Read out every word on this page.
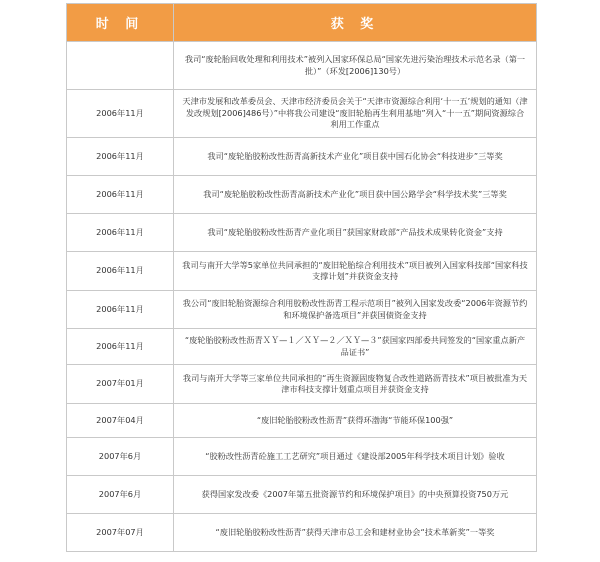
时 间	获 奖
	我司“废轮胎回收处理和利用技术”被列入国家环保总局“国家先进污染治理技术示范名录（第一批）”（环发[2006]130号）
2006年11月	天津市发展和改革委员会、天津市经济委员会关于“天津市资源综合利用‘十一五’规划的通知（津发改规划[2006]486号）”中将我公司建设“废旧轮胎再生利用基地”列入“十一五”期间资源综合利用工作重点
2006年11月	我司“废轮胎胶粉改性沥青高新技术产业化”项目获中国石化协会“科技进步”三等奖
2006年11月	我司“废轮胎胶粉改性沥青高新技术产业化”项目获中国公路学会“科学技术奖”三等奖
2006年11月	我司“废轮胎胶粉改性沥青产业化项目”获国家财政部“产品技术成果转化资金”支持
2006年11月	我司与南开大学等5家单位共同承担的“废旧轮胎综合利用技术”项目被列入国家科技部“国家科技支撑计划”并获资金支持
2006年11月	我公司“废旧轮胎资源综合利用胶粉改性沥青工程示范项目”被列入国家发改委“2006年资源节约和环境保护备选项目”并获国债资金支持
2006年11月	“废轮胎胶粉改性沥青ＸＹ—１／ＸＹ—２／ＸＹ—３”获国家四部委共同签发的“国家重点新产品证书”
2007年01月	我司与南开大学等三家单位共同承担的“再生资源固废物复合改性道路沥青技术”项目被批准为天津市科技支撑计划重点项目并获资金支持
2007年04月	“废旧轮胎胶粉改性沥青”获得环渤海“节能环保100强”
2007年6月	“胶粉改性沥青砼施工工艺研究”项目通过《建设部2005年科学技术项目计划》验收
2007年6月	获得国家发改委《2007年第五批资源节约和环境保护项目》的中央预算投资750万元
2007年07月	“废旧轮胎胶粉改性沥青”获得天津市总工会和建材业协会“技术革新奖”一等奖
